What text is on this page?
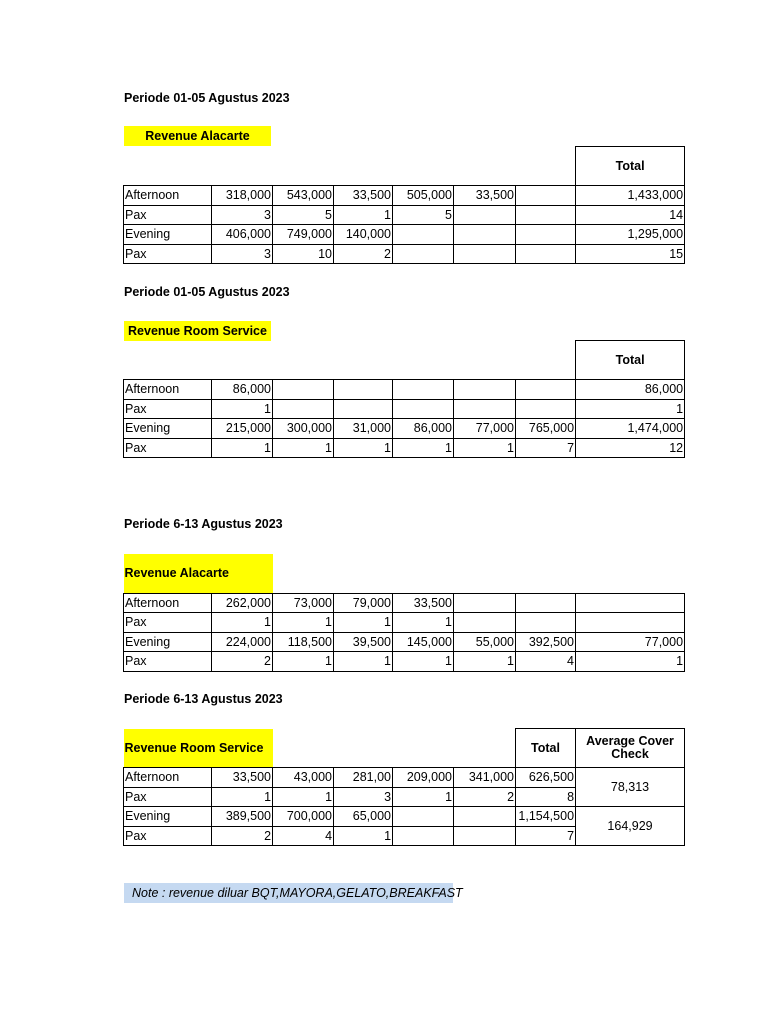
Periode 01-05 Agustus 2023
Revenue Alacarte
							Total
Afternoon	318,000	543,000	33,500	505,000	33,500		1,433,000
Pax	3	5	1	5			14
Evening	406,000	749,000	140,000				1,295,000
Pax	3	10	2				15
Periode 01-05 Agustus 2023
Revenue Room Service
							Total
Afternoon	86,000						86,000
Pax	1						1
Evening	215,000	300,000	31,000	86,000	77,000	765,000	1,474,000
Pax	1	1	1	1	1	7	12
Periode 6-13 Agustus 2023
Revenue Alacarte							
Afternoon	262,000	73,000	79,000	33,500			
Pax	1	1	1	1			
Evening	224,000	118,500	39,500	145,000	55,000	392,500	77,000
Pax	2	1	1	1	1	4	1
Periode 6-13 Agustus 2023
Revenue Room Service						Total	Average Cover
Check
Afternoon	33,500	43,000	281,00	209,000	341,000	626,500	78,313
Pax	1	1	3	1	2	8	
Evening	389,500	700,000	65,000			1,154,500	164,929
Pax	2	4	1			7	
Note : revenue diluar BQT,MAYORA,GELATO,BREAKFAST
